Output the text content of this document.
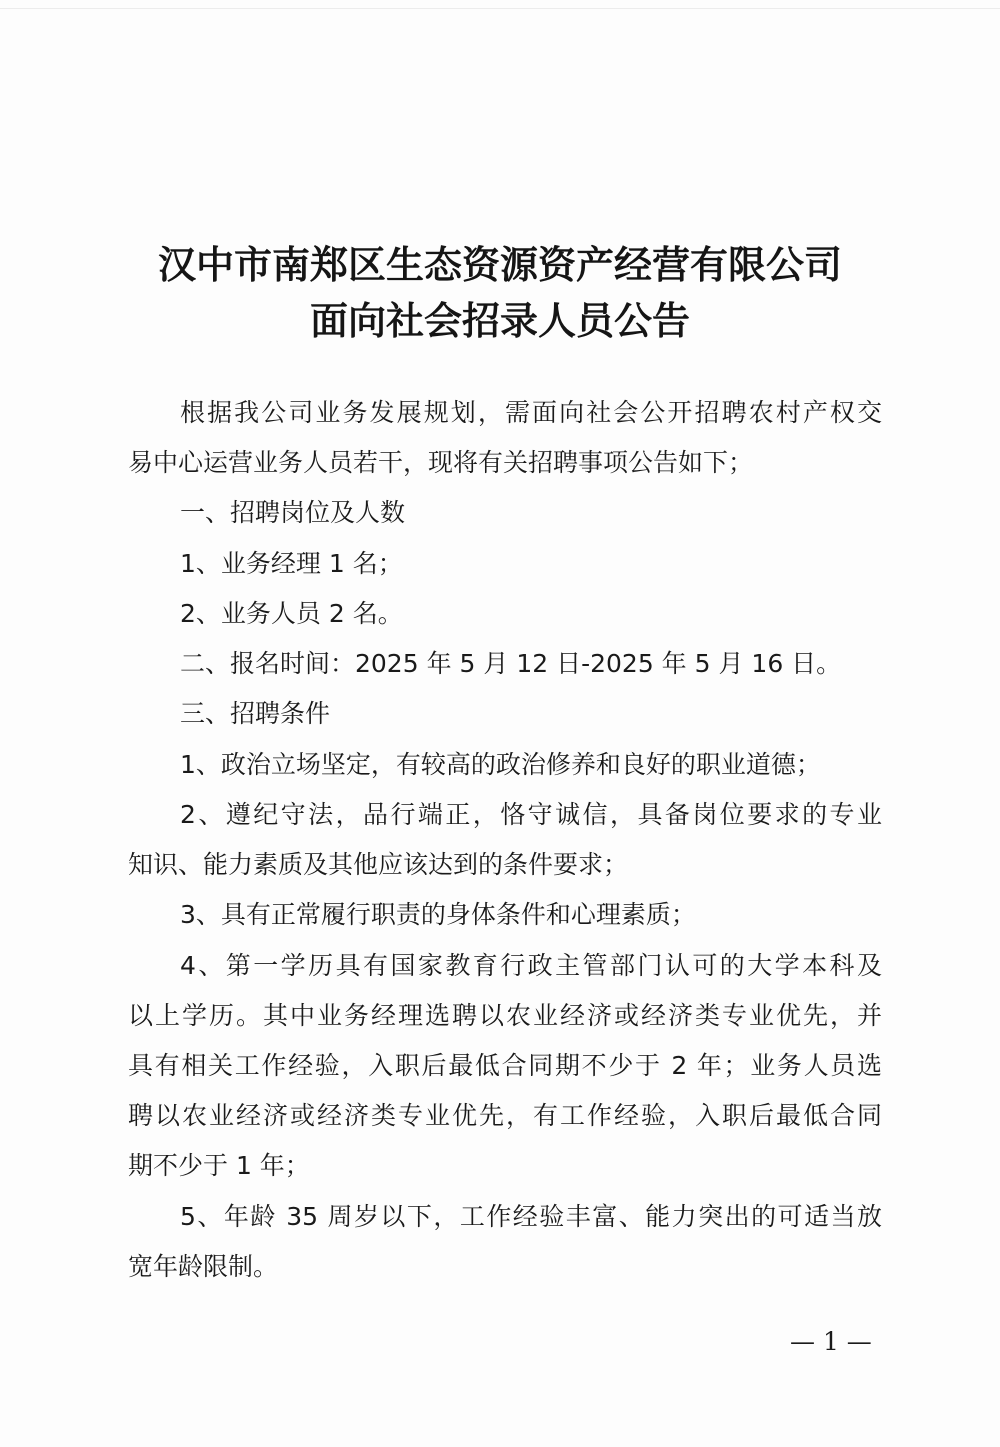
汉中市南郑区生态资源资产经营有限公司
面向社会招录人员公告
根据我公司业务发展规划，需面向社会公开招聘农村产权交
易中心运营业务人员若干，现将有关招聘事项公告如下；
一、招聘岗位及人数
1、业务经理 1 名；
2、业务人员 2 名。
二、报名时间：2025 年 5 月 12 日-2025 年 5 月 16 日。
三、招聘条件
1、政治立场坚定，有较高的政治修养和良好的职业道德；
2、遵纪守法，品行端正，恪守诚信，具备岗位要求的专业
知识、能力素质及其他应该达到的条件要求；
3、具有正常履行职责的身体条件和心理素质；
4、第一学历具有国家教育行政主管部门认可的大学本科及
以上学历。其中业务经理选聘以农业经济或经济类专业优先，并
具有相关工作经验，入职后最低合同期不少于 2 年；业务人员选
聘以农业经济或经济类专业优先，有工作经验，入职后最低合同
期不少于 1 年；
5、年龄 35 周岁以下，工作经验丰富、能力突出的可适当放
宽年龄限制。
— 1 —
